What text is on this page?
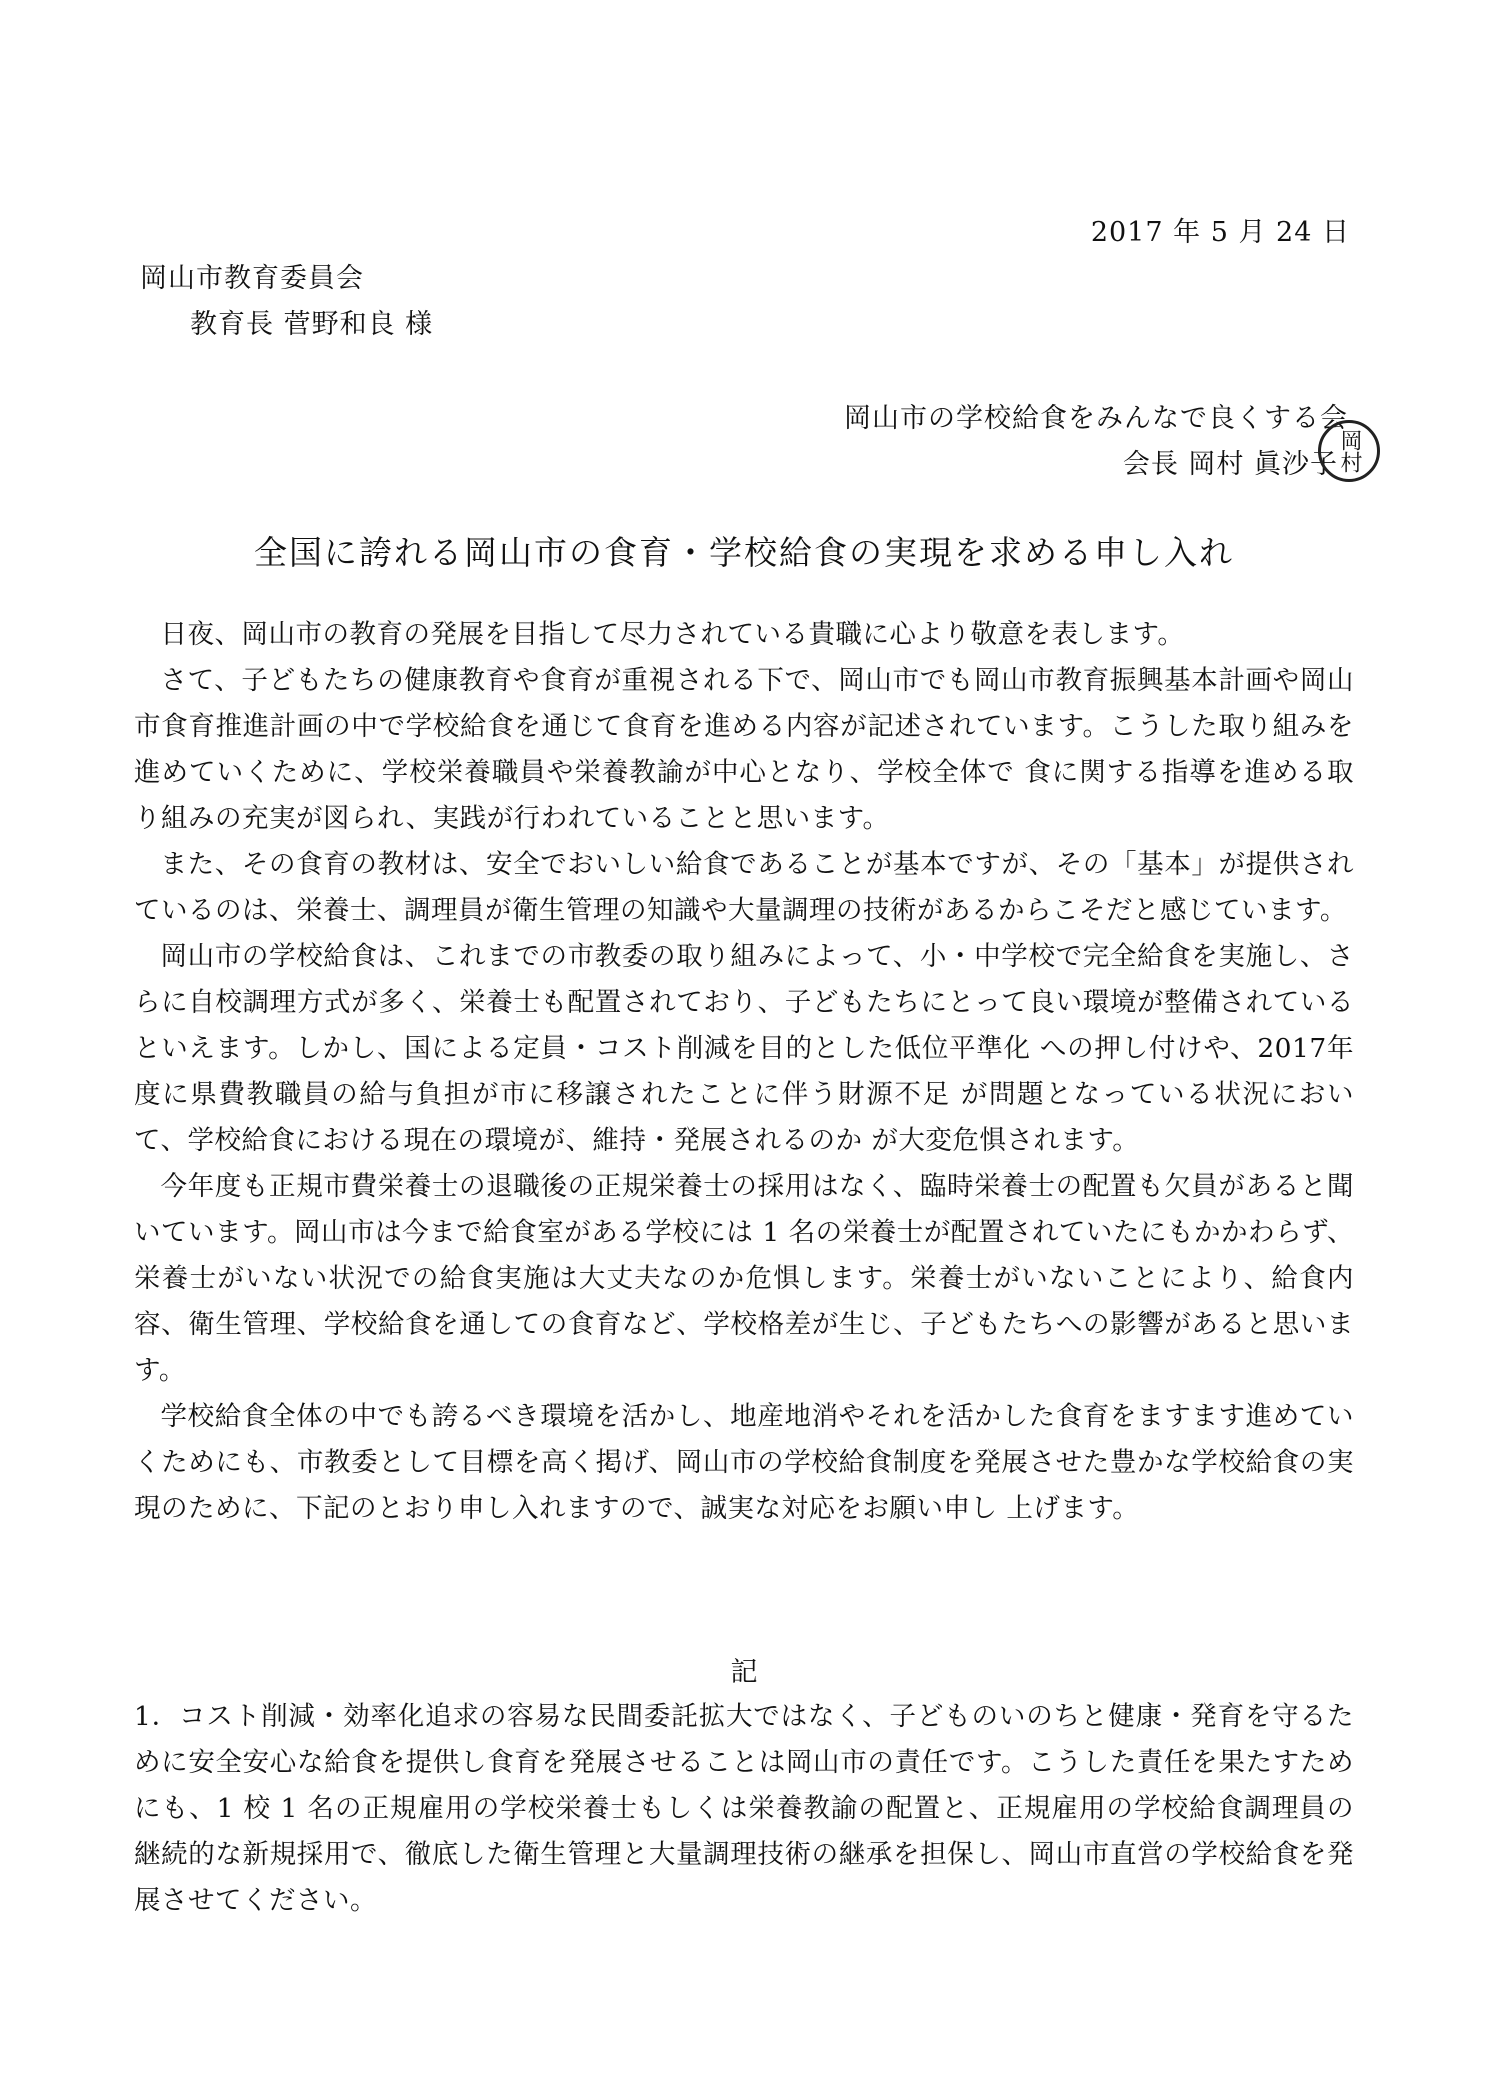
2017 年 5 月 24 日
岡山市教育委員会
教育長 菅野和良 様
岡山市の学校給食をみんなで良くする会
会長 岡村 眞沙子 岡村
全国に誇れる岡山市の食育・学校給食の実現を求める申し入れ

日夜、岡山市の教育の発展を目指して尽力されている貴職に心より敬意を表します。

さて、子どもたちの健康教育や食育が重視される下で、岡山市でも岡山市教育振興基本計画や岡山市食育推進計画の中で学校給食を通じて食育を進める内容が記述されています。こうした取り組みを進めていくために、学校栄養職員や栄養教諭が中心となり、学校全体で 食に関する指導を進める取り組みの充実が図られ、実践が行われていることと思います。

また、その食育の教材は、安全でおいしい給食であることが基本ですが、その「基本」が提供されているのは、栄養士、調理員が衛生管理の知識や大量調理の技術があるからこそだと感じています。

岡山市の学校給食は、これまでの市教委の取り組みによって、小・中学校で完全給食を実施し、さらに自校調理方式が多く、栄養士も配置されており、子どもたちにとって良い環境が整備されているといえます。しかし、国による定員・コスト削減を目的とした低位平準化 への押し付けや、2017年度に県費教職員の給与負担が市に移譲されたことに伴う財源不足 が問題となっている状況において、学校給食における現在の環境が、維持・発展されるのか が大変危惧されます。

今年度も正規市費栄養士の退職後の正規栄養士の採用はなく、臨時栄養士の配置も欠員があると聞いています。岡山市は今まで給食室がある学校には 1 名の栄養士が配置されていたにもかかわらず、栄養士がいない状況での給食実施は大丈夫なのか危惧します。栄養士がいないことにより、給食内容、衛生管理、学校給食を通しての食育など、学校格差が生じ、子どもたちへの影響があると思います。

学校給食全体の中でも誇るべき環境を活かし、地産地消やそれを活かした食育をますます進めていくためにも、市教委として目標を高く掲げ、岡山市の学校給食制度を発展させた豊かな学校給食の実現のために、下記のとおり申し入れますので、誠実な対応をお願い申し 上げます。

記

1．コスト削減・効率化追求の容易な民間委託拡大ではなく、子どものいのちと健康・発育を守るために安全安心な給食を提供し食育を発展させることは岡山市の責任です。こうした責任を果たすためにも、1 校 1 名の正規雇用の学校栄養士もしくは栄養教諭の配置と、正規雇用の学校給食調理員の継続的な新規採用で、徹底した衛生管理と大量調理技術の継承を担保し、岡山市直営の学校給食を発展させてください。
